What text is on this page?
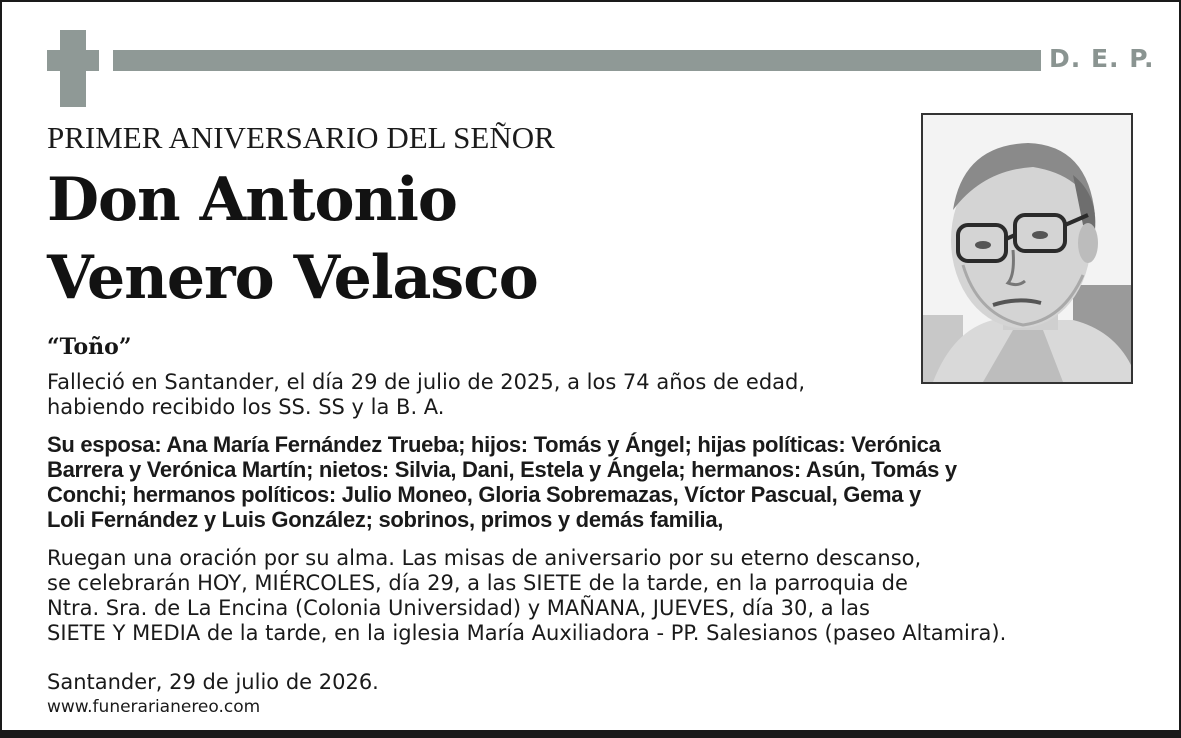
D. E. P.
PRIMER ANIVERSARIO DEL SEÑOR
Don Antonio
Venero Velasco
“Toño”
Falleció en Santander, el día 29 de julio de 2025, a los 74 años de edad,
habiendo recibido los SS. SS y la B. A.
Su esposa: Ana María Fernández Trueba; hijos: Tomás y Ángel; hijas políticas: Verónica
Barrera y Verónica Martín; nietos: Silvia, Dani, Estela y Ángela; hermanos: Asún, Tomás y
Conchi; hermanos políticos: Julio Moneo, Gloria Sobremazas, Víctor Pascual, Gema y
Loli Fernández y Luis González; sobrinos, primos y demás familia,
Ruegan una oración por su alma. Las misas de aniversario por su eterno descanso,
se celebrarán HOY, MIÉRCOLES, día 29, a las SIETE de la tarde, en la parroquia de
Ntra. Sra. de La Encina (Colonia Universidad) y MAÑANA, JUEVES, día 30, a las
SIETE Y MEDIA de la tarde, en la iglesia María Auxiliadora - PP. Salesianos (paseo Altamira).
Santander, 29 de julio de 2026.
www.funerarianereo.com
